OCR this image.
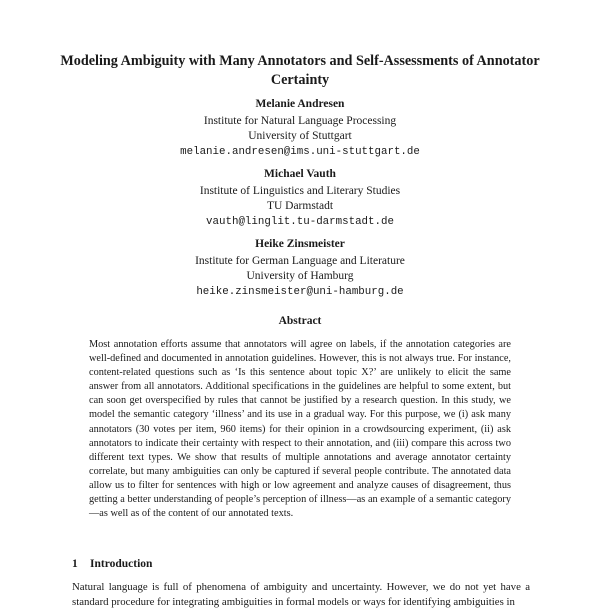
Modeling Ambiguity with Many Annotators and Self-Assessments of Annotator Certainty
Melanie Andresen
Institute for Natural Language Processing
University of Stuttgart
melanie.andresen@ims.uni-stuttgart.de
Michael Vauth
Institute of Linguistics and Literary Studies
TU Darmstadt
vauth@linglit.tu-darmstadt.de
Heike Zinsmeister
Institute for German Language and Literature
University of Hamburg
heike.zinsmeister@uni-hamburg.de
Abstract

Most annotation efforts assume that annotators will agree on labels, if the annotation categories are well-defined and documented in annotation guidelines. However, this is not always true. For instance, content-related questions such as ‘Is this sentence about topic X?’ are unlikely to elicit the same answer from all annotators. Additional specifications in the guidelines are helpful to some extent, but can soon get overspecified by rules that cannot be justified by a research question. In this study, we model the semantic category ‘illness’ and its use in a gradual way. For this purpose, we (i) ask many annotators (30 votes per item, 960 items) for their opinion in a crowdsourcing experiment, (ii) ask annotators to indicate their certainty with respect to their annotation, and (iii) compare this across two different text types. We show that results of multiple annotations and average annotator certainty correlate, but many ambiguities can only be captured if several people contribute. The annotated data allow us to filter for sentences with high or low agreement and analyze causes of disagreement, thus getting a better understanding of people’s perception of illness—as an example of a semantic category—as well as of the content of our annotated texts.

1 Introduction

Natural language is full of phenomena of ambiguity and uncertainty. However, we do not yet have a standard procedure for integrating ambiguities in formal models or ways for identifying ambiguities in
